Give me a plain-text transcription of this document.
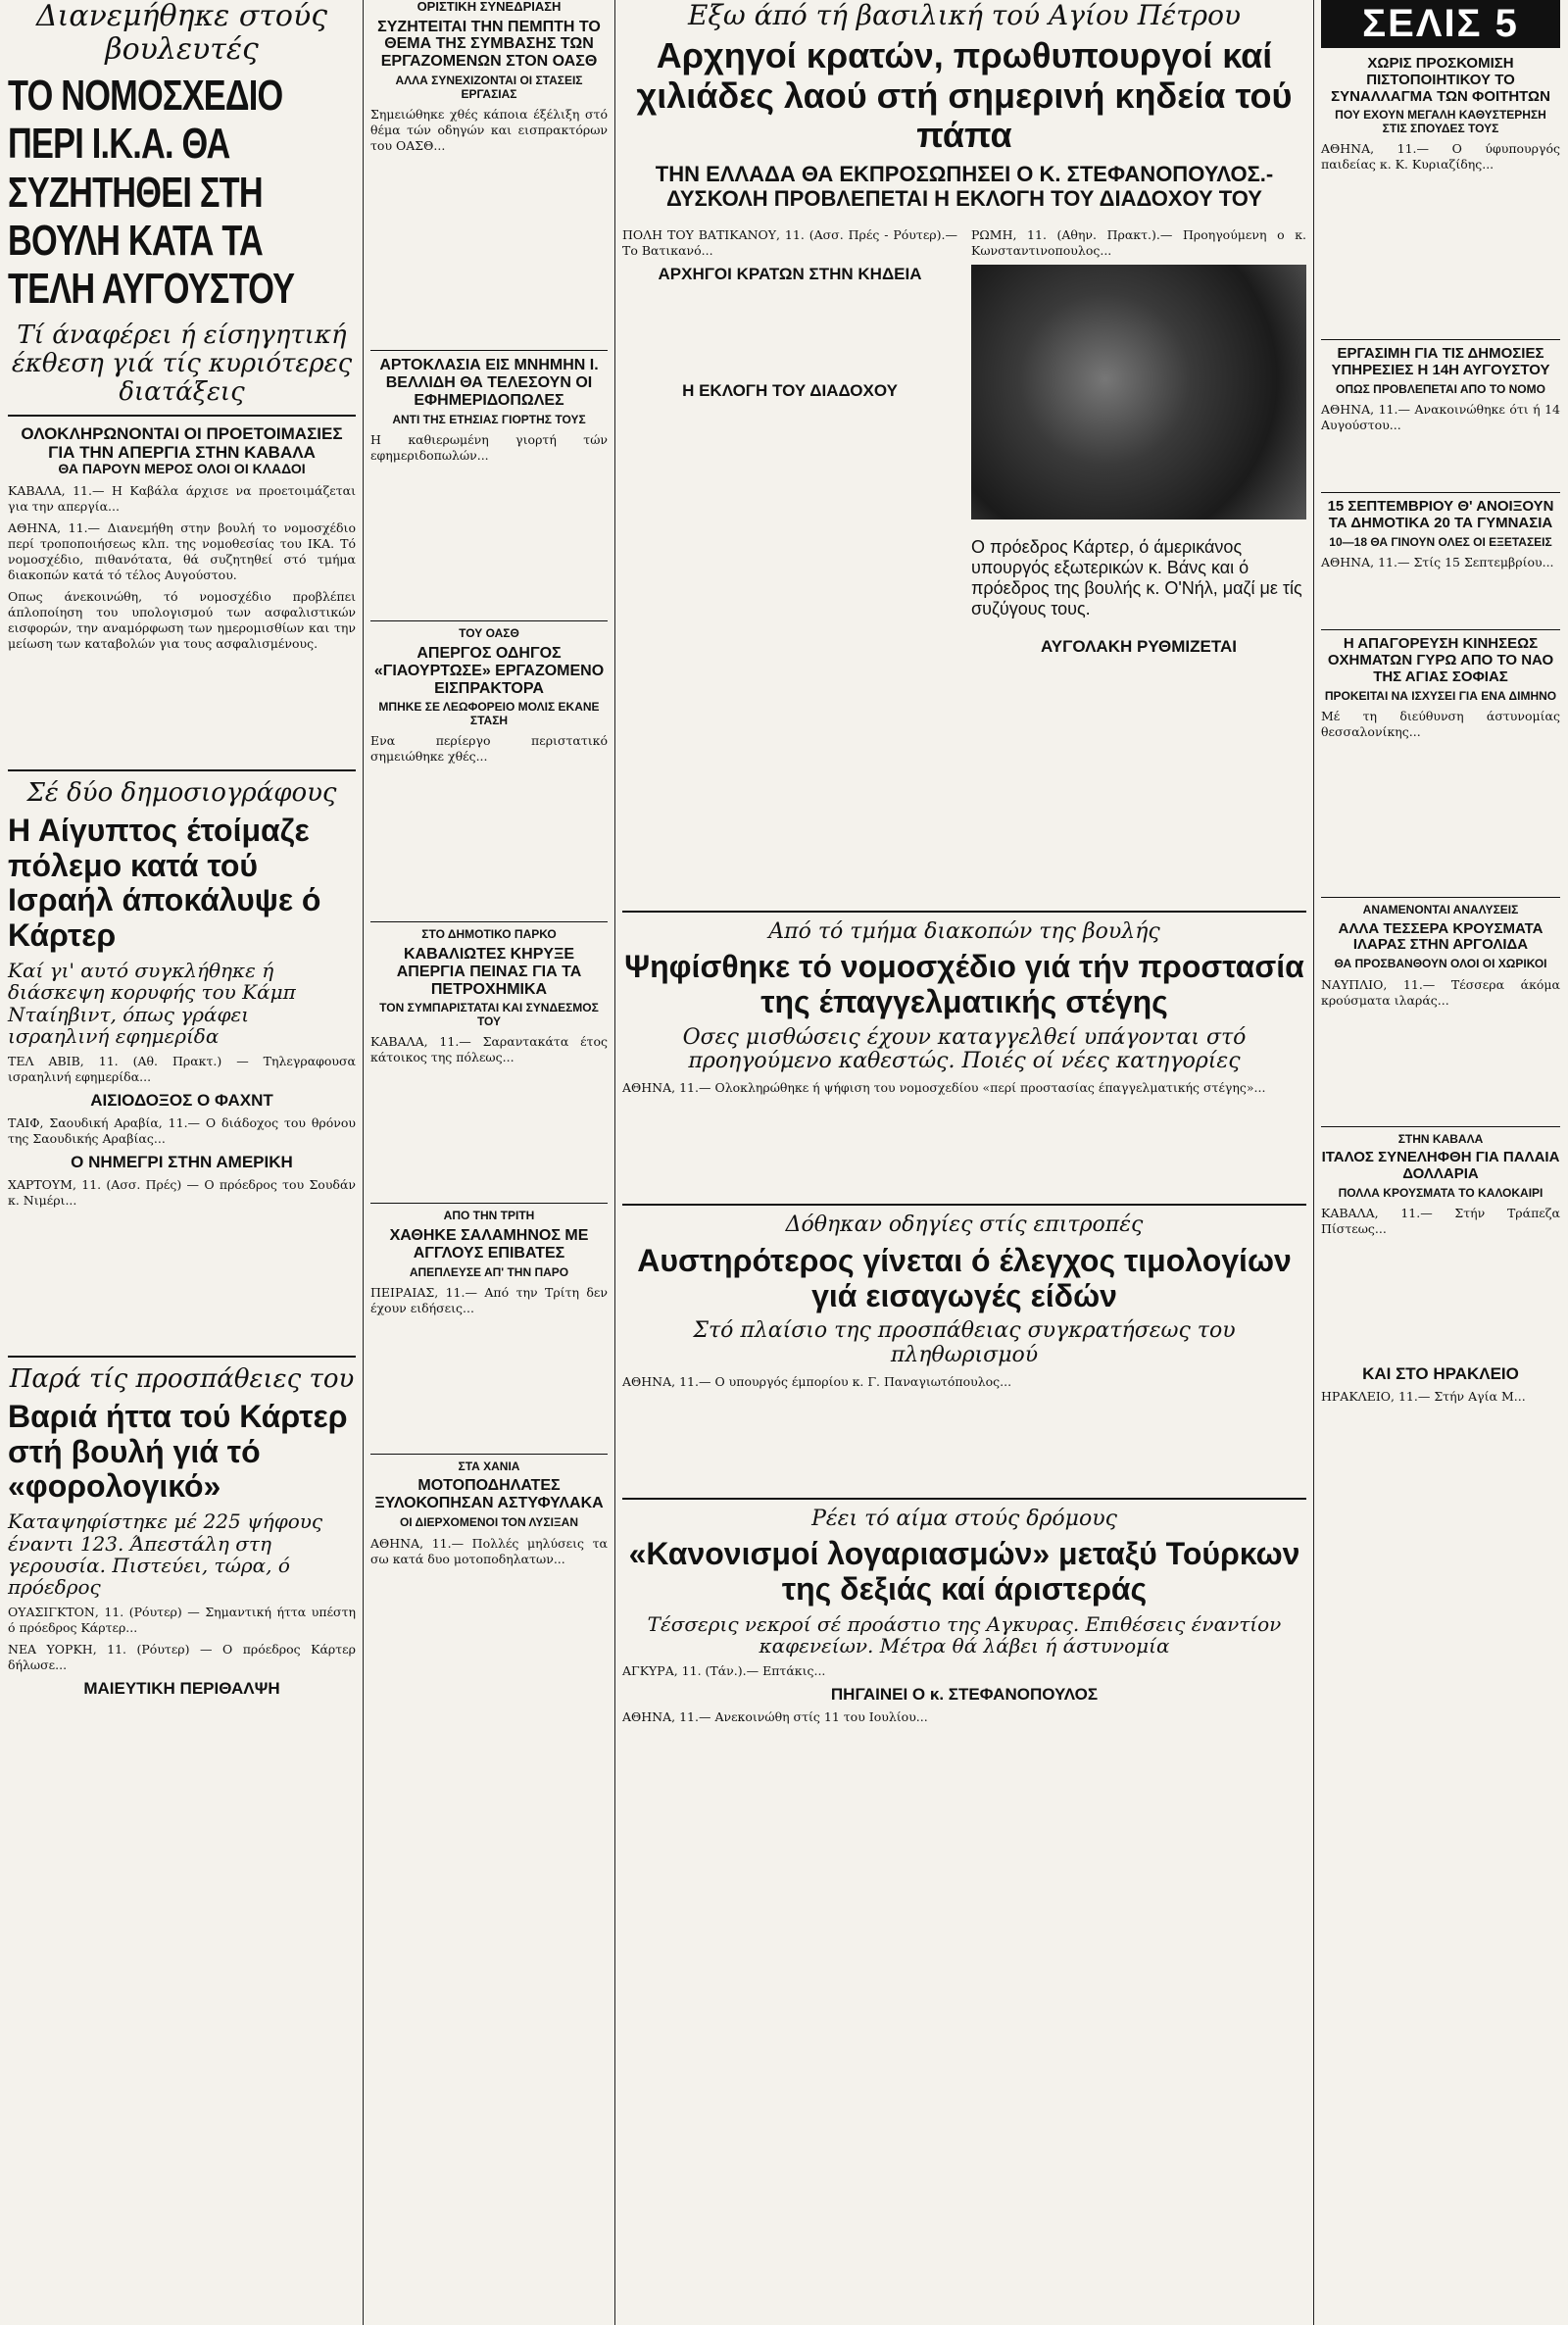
Διανεμήθηκε στούς βουλευτές

ΤΟ ΝΟΜΟΣΧΕΔΙΟ ΠΕΡΙ Ι.Κ.Α. ΘΑ ΣΥΖΗΤΗΘΕΙ ΣΤΗ ΒΟΥΛΗ ΚΑΤΑ ΤΑ ΤΕΛΗ ΑΥΓΟΥΣΤΟΥ

Τί άναφέρει ή είσηγητική έκθεση γιά τίς κυριότερες διατάξεις

ΟΛΟΚΛΗΡΩΝΟΝΤΑΙ ΟΙ ΠΡΟΕΤΟΙΜΑΣΙΕΣ ΓΙΑ ΤΗΝ ΑΠΕΡΓΙΑ ΣΤΗΝ ΚΑΒΑΛΑ

ΘΑ ΠΑΡΟΥΝ ΜΕΡΟΣ ΟΛΟΙ ΟΙ ΚΛΑΔΟΙ

ΚΑΒΑΛΑ, 11.— Η Καβάλα άρχισε να προετοιμάζεται για την απεργία...

ΑΘΗΝΑ, 11.— Διανεμήθη στην βουλή το νομοσχέδιο περί τροποποιήσεως κλπ. της νομοθεσίας του ΙΚΑ. Τό νομοσχέδιο, πιθανότατα, θά συζητηθεί στό τμήμα διακοπών κατά τό τέλος Αυγούστου.

Οπως άνεκοινώθη, τό νομοσχέδιο προβλέπει άπλοποίηση του υπολογισμού των ασφαλιστικών εισφορών, την αναμόρφωση των ημερομισθίων και την μείωση των καταβολών για τους ασφαλισμένους.

Σέ δύο δημοσιογράφους

Η Αίγυπτος έτοίμαζε πόλεμο κατά τού Ισραήλ άποκάλυψε ό Κάρτερ

Καί γι' αυτό συγκλήθηκε ή διάσκεψη κορυφής του Κάμπ Νταίηβιντ, όπως γράφει ισραηλινή εφημερίδα

ΤΕΛ ΑΒΙΒ, 11. (Αθ. Πρακτ.) — Τηλεγραφουσα ισραηλινή εφημερίδα...

ΑΙΣΙΟΔΟΞΟΣ Ο ΦΑΧΝΤ

ΤΑΙΦ, Σαουδική Αραβία, 11.— Ο διάδοχος του θρόνου της Σαουδικής Αραβίας...

Ο ΝΗΜΕΓΡΙ ΣΤΗΝ ΑΜΕΡΙΚΗ

ΧΑΡΤΟΥΜ, 11. (Ασσ. Πρές) — Ο πρόεδρος του Σουδάν κ. Νιμέρι...

Παρά τίς προσπάθειες του

Βαριά ήττα τού Κάρτερ στή βουλή γιά τό «φορολογικό»

Καταψηφίστηκε μέ 225 ψήφους έναντι 123. Άπεστάλη στη γερουσία. Πιστεύει, τώρα, ό πρόεδρος

ΟΥΑΣΙΓΚΤΟΝ, 11. (Ρόυτερ) — Σημαντική ήττα υπέστη ό πρόεδρος Κάρτερ...

ΝΕΑ ΥΟΡΚΗ, 11. (Ρόυτερ) — Ο πρόεδρος Κάρτερ δήλωσε...

ΜΑΙΕΥΤΙΚΗ ΠΕΡΙΘΑΛΨΗ

ΟΡΙΣΤΙΚΗ ΣΥΝΕΔΡΙΑΣΗ

ΣΥΖΗΤΕΙΤΑΙ ΤΗΝ ΠΕΜΠΤΗ ΤΟ ΘΕΜΑ ΤΗΣ ΣΥΜΒΑΣΗΣ ΤΩΝ ΕΡΓΑΖΟΜΕΝΩΝ ΣΤΟΝ ΟΑΣΘ

ΑΛΛΑ ΣΥΝΕΧΙΖΟΝΤΑΙ ΟΙ ΣΤΑΣΕΙΣ ΕΡΓΑΣΙΑΣ

Σημειώθηκε χθές κάποια έξέλιξη στό θέμα τών οδηγών και εισπρακτόρων του ΟΑΣΘ...

ΑΡΤΟΚΛΑΣΙΑ ΕΙΣ ΜΝΗΜΗΝ Ι. ΒΕΛΛΙΔΗ ΘΑ ΤΕΛΕΣΟΥΝ ΟΙ ΕΦΗΜΕΡΙΔΟΠΩΛΕΣ

ΑΝΤΙ ΤΗΣ ΕΤΗΣΙΑΣ ΓΙΟΡΤΗΣ ΤΟΥΣ

Η καθιερωμένη γιορτή τών εφημεριδοπωλών...

ΤΟΥ ΟΑΣΘ

ΑΠΕΡΓΟΣ ΟΔΗΓΟΣ «ΓΙΑΟΥΡΤΩΣΕ» ΕΡΓΑΖΟΜΕΝΟ ΕΙΣΠΡΑΚΤΟΡΑ

ΜΠΗΚΕ ΣΕ ΛΕΩΦΟΡΕΙΟ ΜΟΛΙΣ ΕΚΑΝΕ ΣΤΑΣΗ

Ενα περίεργο περιστατικό σημειώθηκε χθές...

ΣΤΟ ΔΗΜΟΤΙΚΟ ΠΑΡΚΟ

ΚΑΒΑΛΙΩΤΕΣ ΚΗΡΥΞΕ ΑΠΕΡΓΙΑ ΠΕΙΝΑΣ ΓΙΑ ΤΑ ΠΕΤΡΟΧΗΜΙΚΑ

ΤΟΝ ΣΥΜΠΑΡΙΣΤΑΤΑΙ ΚΑΙ ΣΥΝΔΕΣΜΟΣ ΤΟΥ

ΚΑΒΑΛΑ, 11.— Σαραντακάτα έτος κάτοικος της πόλεως...

ΑΠΟ ΤΗΝ ΤΡΙΤΗ

ΧΑΘΗΚΕ ΣΑΛΑΜΗΝΟΣ ΜΕ ΑΓΓΛΟΥΣ ΕΠΙΒΑΤΕΣ

ΑΠΕΠΛΕΥΣΕ ΑΠ' ΤΗΝ ΠΑΡΟ

ΠΕΙΡΑΙΑΣ, 11.— Από την Τρίτη δεν έχουν ειδήσεις...

ΣΤΑ ΧΑΝΙΑ

ΜΟΤΟΠΟΔΗΛΑΤΕΣ ΞΥΛΟΚΟΠΗΣΑΝ ΑΣΤΥΦΥΛΑΚΑ

ΟΙ ΔΙΕΡΧΟΜΕΝΟΙ ΤΟΝ ΛΥΣΙΞΑΝ

ΑΘΗΝΑ, 11.— Πολλές μηλύσεις τα σω κατά δυο μοτοποδηλατων...

Εξω άπό τή βασιλική τού Αγίου Πέτρου

Αρχηγοί κρατών, πρωθυπουργοί καί χιλιάδες λαού στή σημερινή κηδεία τού πάπα

ΤΗΝ ΕΛΛΑΔΑ ΘΑ ΕΚΠΡΟΣΩΠΗΣΕΙ Ο Κ. ΣΤΕΦΑΝΟΠΟΥΛΟΣ.- ΔΥΣΚΟΛΗ ΠΡΟΒΛΕΠΕΤΑΙ Η ΕΚΛΟΓΗ ΤΟΥ ΔΙΑΔΟΧΟΥ ΤΟΥ

ΠΟΛΗ ΤΟΥ ΒΑΤΙΚΑΝΟΥ, 11. (Ασσ. Πρές - Ρόυτερ).— Το Βατικανό...

ΑΡΧΗΓΟΙ ΚΡΑΤΩΝ ΣΤΗΝ ΚΗΔΕΙΑ

Η ΕΚΛΟΓΗ ΤΟΥ ΔΙΑΔΟΧΟΥ

ΡΩΜΗ, 11. (Αθην. Πρακτ.).— Προηγούμενη ο κ. Κωνσταντινοπουλος...

Ο πρόεδρος Κάρτερ, ό άμερικάνος υπουργός εξωτερικών κ. Βάνς και ό πρόεδρος της βουλής κ. Ο'Νήλ, μαζί με τίς συζύγους τους.

ΑΥΓΟΛΑΚΗ ΡΥΘΜΙΖΕΤΑΙ

Από τό τμήμα διακοπών της βουλής

Ψηφίσθηκε τό νομοσχέδιο γιά τήν προστασία της έπαγγελματικής στέγης

Οσες μισθώσεις έχουν καταγγελθεί υπάγονται στό προηγούμενο καθεστώς. Ποιές οί νέες κατηγορίες

ΑΘΗΝΑ, 11.— Ολοκληρώθηκε ή ψήφιση του νομοσχεδίου «περί προστασίας έπαγγελματικής στέγης»...

Δόθηκαν οδηγίες στίς επιτροπές

Αυστηρότερος γίνεται ό έλεγχος τιμολογίων γιά εισαγωγές είδών

Στό πλαίσιο της προσπάθειας συγκρατήσεως του πληθωρισμού

ΑΘΗΝΑ, 11.— Ο υπουργός έμπορίου κ. Γ. Παναγιωτόπουλος...

Ρέει τό αίμα στούς δρόμους

«Κανονισμοί λογαριασμών» μεταξύ Τούρκων της δεξιάς καί άριστεράς

Τέσσερις νεκροί σέ προάστιο της Αγκυρας. Επιθέσεις έναντίον καφενείων. Μέτρα θά λάβει ή άστυνομία

ΑΓΚΥΡΑ, 11. (Τάν.).— Επτάκις...

ΠΗΓΑΙΝΕΙ Ο κ. ΣΤΕΦΑΝΟΠΟΥΛΟΣ

ΑΘΗΝΑ, 11.— Ανεκοινώθη στίς 11 του Ιουλίου...

ΣΕΛΙΣ 5

ΧΩΡΙΣ ΠΡΟΣΚΟΜΙΣΗ ΠΙΣΤΟΠΟΙΗΤΙΚΟΥ ΤΟ ΣΥΝΑΛΛΑΓΜΑ ΤΩΝ ΦΟΙΤΗΤΩΝ

ΠΟΥ ΕΧΟΥΝ ΜΕΓΑΛΗ ΚΑΘΥΣΤΕΡΗΣΗ ΣΤΙΣ ΣΠΟΥΔΕΣ ΤΟΥΣ

ΑΘΗΝΑ, 11.— Ο ύφυπουργός παιδείας κ. Κ. Κυριαζίδης...

ΕΡΓΑΣΙΜΗ ΓΙΑ ΤΙΣ ΔΗΜΟΣΙΕΣ ΥΠΗΡΕΣΙΕΣ Η 14Η ΑΥΓΟΥΣΤΟΥ

ΟΠΩΣ ΠΡΟΒΛΕΠΕΤΑΙ ΑΠΟ ΤΟ ΝΟΜΟ

ΑΘΗΝΑ, 11.— Ανακοινώθηκε ότι ή 14 Αυγούστου...

15 ΣΕΠΤΕΜΒΡΙΟΥ Θ' ΑΝΟΙΞΟΥΝ ΤΑ ΔΗΜΟΤΙΚΑ 20 ΤΑ ΓΥΜΝΑΣΙΑ

10—18 ΘΑ ΓΙΝΟΥΝ ΟΛΕΣ ΟΙ ΕΞΕΤΑΣΕΙΣ

ΑΘΗΝΑ, 11.— Στίς 15 Σεπτεμβρίου...

Η ΑΠΑΓΟΡΕΥΣΗ ΚΙΝΗΣΕΩΣ ΟΧΗΜΑΤΩΝ ΓΥΡΩ ΑΠΟ ΤΟ ΝΑΟ ΤΗΣ ΑΓΙΑΣ ΣΟΦΙΑΣ

ΠΡΟΚΕΙΤΑΙ ΝΑ ΙΣΧΥΣΕΙ ΓΙΑ ΕΝΑ ΔΙΜΗΝΟ

Μέ τη διεύθυνση άστυνομίας θεσσαλονίκης...

ΑΝΑΜΕΝΟΝΤΑΙ ΑΝΑΛΥΣΕΙΣ

ΑΛΛΑ ΤΕΣΣΕΡΑ ΚΡΟΥΣΜΑΤΑ ΙΛΑΡΑΣ ΣΤΗΝ ΑΡΓΟΛΙΔΑ

ΘΑ ΠΡΟΣΒΑΝΘΟΥΝ ΟΛΟΙ ΟΙ ΧΩΡΙΚΟΙ

ΝΑΥΠΛΙΟ, 11.— Τέσσερα άκόμα κρούσματα ιλαράς...

ΣΤΗΝ ΚΑΒΑΛΑ

ΙΤΑΛΟΣ ΣΥΝΕΛΗΦΘΗ ΓΙΑ ΠΑΛΑΙΑ ΔΟΛΛΑΡΙΑ

ΠΟΛΛΑ ΚΡΟΥΣΜΑΤΑ ΤΟ ΚΑΛΟΚΑΙΡΙ

ΚΑΒΑΛΑ, 11.— Στήν Τράπεζα Πίστεως...

ΚΑΙ ΣΤΟ ΗΡΑΚΛΕΙΟ

ΗΡΑΚΛΕΙΟ, 11.— Στήν Αγία Μ...
